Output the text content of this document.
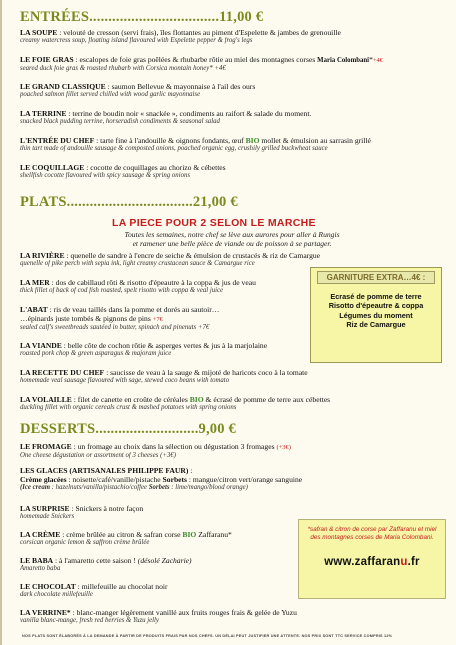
ENTRÉES..................................11,00 €
LA SOUPE : velouté de cresson (servi frais), îles flottantes au piment d'Espelette & jambes de grenouille
creamy watercress soup, floating island flavoured with Espelette pepper & frog's legs
LE FOIE GRAS : escalopes de foie gras poêlées & rhubarbe rôtie au miel des montagnes corses Maria Colombani*+4€
seared duck foie gras & roasted rhubarb with Corsica montain honey* +4€
LE GRAND CLASSIQUE : saumon Bellevue & mayonnaise à l'ail des ours
poached salmon fillet served chilled with wood garlic mayonnaise
LA TERRINE : terrine de boudin noir « snackée », condiments au raifort & salade du moment.
snacked black pudding terrine, horseradish condiments & seasonal salad
L'ENTRÉE DU CHEF : tarte fine à l'andouille & oignons fondants, œuf BIO mollet & émulsion au sarrasin grillé
thin tart made of andouille sausage & composted onions, poached organic egg, crushily grilled buckwheat sauce
LE COQUILLAGE : cocotte de coquillages au chorizo & cébettes
shellfish cocotte flavoured with spicy sausage & spring onions
PLATS.................................21,00 €
LA PIECE POUR 2 SELON LE MARCHE
Toutes les semaines, notre chef se lève aux aurores pour aller à Rungis
et ramener une belle pièce de viande ou de poisson à se partager.
LA RIVIÈRE : quenelle de sandre à l'encre de seiche & émulsion de crustacés & riz de Camargue
quenelle of pike perch with sepia ink, light creamy crustacean sauce & Camargue rice
LA MER : dos de cabillaud rôti & risotto d'épeautre à la coppa & jus de veau
thick fillet of back of cod fish roasted, spelt risotto with coppa & veal juice
L'ABAT : ris de veau taillés dans la pomme et dorés au sautoir…
…épinards juste tombés & pignons de pins +7€
sealed calf's sweetbreads sautéed in butter, spinach and pinenuts +7€
GARNITURE EXTRA…4€ :
Ecrasé de pomme de terre
Risotto d'épeautre & coppa
Légumes du moment
Riz de Camargue
LA VIANDE : belle côte de cochon rôtie & asperges vertes & jus à la marjolaine
roasted pork chop & green asparagus & majoram juice
LA RECETTE DU CHEF : saucisse de veau à la sauge & mijoté de haricots coco à la tomate
homemade veal sausage flavoured with sage, stewed coco beans with tomato
LA VOLAILLE : filet de canette en croûte de céréales BIO & écrasé de pomme de terre aux cébettes
duckling fillet with organic cereals crust & mashed potatoes with spring onions
DESSERTS...........................9,00 €
LE FROMAGE : un fromage au choix dans la sélection ou dégustation 3 fromages (+3€)
One cheese dégustation or assortment of 3 cheeses (+3€)
LES GLACES (ARTISANALES PHILIPPE FAUR) :
Crème glacées : noisette/café/vanille/pistache Sorbets : mangue/citron vert/orange sanguine
(Ice cream : hazelnuts/vanilla/pistachio/coffee Sorbets : lime/mango/blood orange)
LA SURPRISE : Snickers à notre façon
homemade Snickers
LA CRÈME : crème brûlée au citron & safran corse BIO Zaffaranu*
corsican organic lemon & saffron crème brûlée
LE BABA : à l'amaretto cette saison ! (désolé Zacharie)
Amaretto baba
LE CHOCOLAT : millefeuille au chocolat noir
dark chocolate millefeuille
LA VERRINE* : blanc-manger légèrement vanillé aux fruits rouges frais & gelée de Yuzu
vanilla blanc-mange, fresh red berries & Yuzu jelly
*safran & citron de corse par Zaffaranu et miel des montagnes corses de Maria Colombani.
www.zaffaranu.fr
NOS PLATS SONT ÉLABORÉS À LA DEMANDE À PARTIR DE PRODUITS FRAIS PAR NOS CHEFS. UN DÉLAI PEUT JUSTIFIER UNE ATTENTE. NOS PRIX SONT TTC SERVICE COMPRIS 12%
